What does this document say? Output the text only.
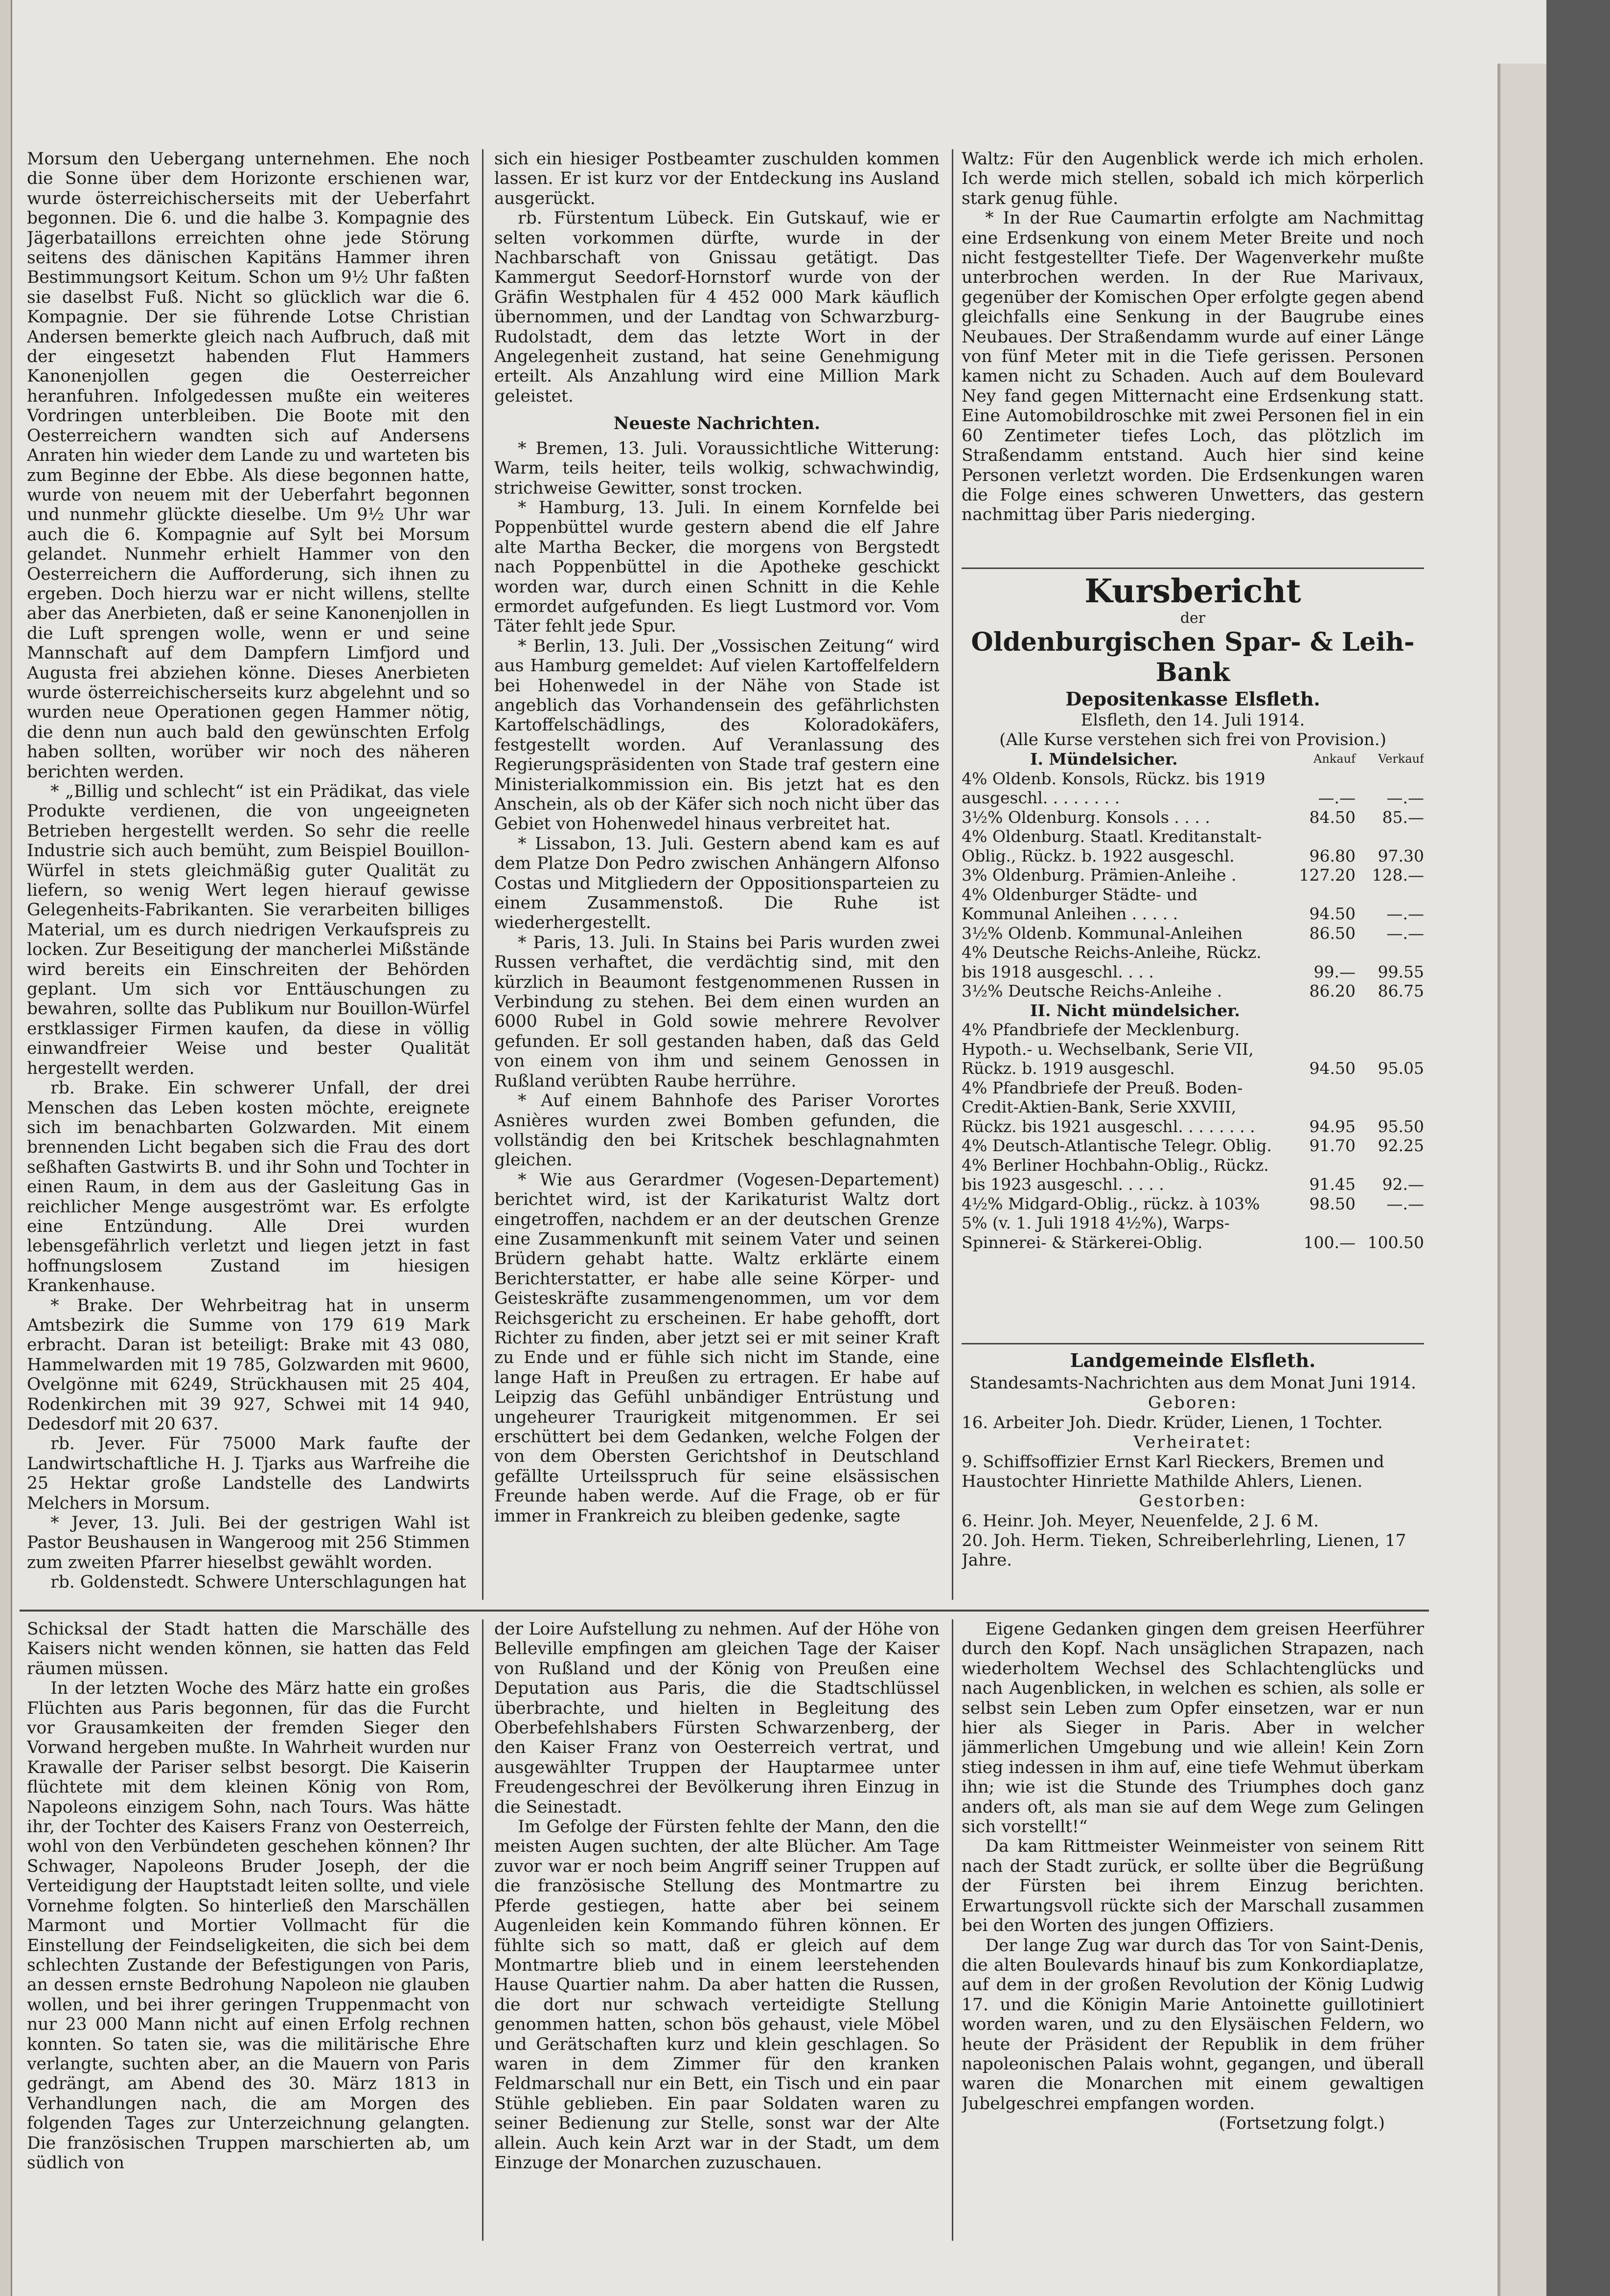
Morsum den Uebergang unternehmen. Ehe noch die Sonne über dem Horizonte erschienen war, wurde österreichischerseits mit der Ueberfahrt begonnen. Die 6. und die halbe 3. Kompagnie des Jägerbataillons erreichten ohne jede Störung seitens des dänischen Kapitäns Hammer ihren Bestimmungsort Keitum. Schon um 9½ Uhr faßten sie daselbst Fuß. Nicht so glücklich war die 6. Kompagnie. Der sie führende Lotse Christian Andersen bemerkte gleich nach Aufbruch, daß mit der eingesetzt habenden Flut Hammers Kanonenjollen gegen die Oesterreicher heranfuhren. Infolgedessen mußte ein weiteres Vordringen unterbleiben. Die Boote mit den Oesterreichern wandten sich auf Andersens Anraten hin wieder dem Lande zu und warteten bis zum Beginne der Ebbe. Als diese begonnen hatte, wurde von neuem mit der Ueberfahrt begonnen und nunmehr glückte dieselbe. Um 9½ Uhr war auch die 6. Kompagnie auf Sylt bei Morsum gelandet. Nunmehr erhielt Hammer von den Oesterreichern die Aufforderung, sich ihnen zu ergeben. Doch hierzu war er nicht willens, stellte aber das Anerbieten, daß er seine Kanonenjollen in die Luft sprengen wolle, wenn er und seine Mannschaft auf dem Dampfern Limfjord und Augusta frei abziehen könne. Dieses Anerbieten wurde österreichischerseits kurz abgelehnt und so wurden neue Operationen gegen Hammer nötig, die denn nun auch bald den gewünschten Erfolg haben sollten, worüber wir noch des näheren berichten werden.

* „Billig und schlecht“ ist ein Prädikat, das viele Produkte verdienen, die von ungeeigneten Betrieben hergestellt werden. So sehr die reelle Industrie sich auch bemüht, zum Beispiel Bouillon-Würfel in stets gleichmäßig guter Qualität zu liefern, so wenig Wert legen hierauf gewisse Gelegenheits-Fabrikanten. Sie verarbeiten billiges Material, um es durch niedrigen Verkaufspreis zu locken. Zur Beseitigung der mancherlei Mißstände wird bereits ein Einschreiten der Behörden geplant. Um sich vor Enttäuschungen zu bewahren, sollte das Publikum nur Bouillon-Würfel erstklassiger Firmen kaufen, da diese in völlig einwandfreier Weise und bester Qualität hergestellt werden.

rb. Brake. Ein schwerer Unfall, der drei Menschen das Leben kosten möchte, ereignete sich im benachbarten Golzwarden. Mit einem brennenden Licht begaben sich die Frau des dort seßhaften Gastwirts B. und ihr Sohn und Tochter in einen Raum, in dem aus der Gasleitung Gas in reichlicher Menge ausgeströmt war. Es erfolgte eine Entzündung. Alle Drei wurden lebensgefährlich verletzt und liegen jetzt in fast hoffnungslosem Zustand im hiesigen Krankenhause.

* Brake. Der Wehrbeitrag hat in unserm Amtsbezirk die Summe von 179 619 Mark erbracht. Daran ist beteiligt: Brake mit 43 080, Hammelwarden mit 19 785, Golzwarden mit 9600, Ovelgönne mit 6249, Strückhausen mit 25 404, Rodenkirchen mit 39 927, Schwei mit 14 940, Dedesdorf mit 20 637.

rb. Jever. Für 75000 Mark faufte der Landwirtschaftliche H. J. Tjarks aus Warfreihe die 25 Hektar große Landstelle des Landwirts Melchers in Morsum.

* Jever, 13. Juli. Bei der gestrigen Wahl ist Pastor Beushausen in Wangeroog mit 256 Stimmen zum zweiten Pfarrer hieselbst gewählt worden.

rb. Goldenstedt. Schwere Unterschlagungen hat

sich ein hiesiger Postbeamter zuschulden kommen lassen. Er ist kurz vor der Entdeckung ins Ausland ausgerückt.

rb. Fürstentum Lübeck. Ein Gutskauf, wie er selten vorkommen dürfte, wurde in der Nachbarschaft von Gnissau getätigt. Das Kammergut Seedorf-Hornstorf wurde von der Gräfin Westphalen für 4 452 000 Mark käuflich übernommen, und der Landtag von Schwarzburg-Rudolstadt, dem das letzte Wort in der Angelegenheit zustand, hat seine Genehmigung erteilt. Als Anzahlung wird eine Million Mark geleistet.

Neueste Nachrichten.

* Bremen, 13. Juli. Voraussichtliche Witterung: Warm, teils heiter, teils wolkig, schwachwindig, strichweise Gewitter, sonst trocken.

* Hamburg, 13. Juli. In einem Kornfelde bei Poppenbüttel wurde gestern abend die elf Jahre alte Martha Becker, die morgens von Bergstedt nach Poppenbüttel in die Apotheke geschickt worden war, durch einen Schnitt in die Kehle ermordet aufgefunden. Es liegt Lustmord vor. Vom Täter fehlt jede Spur.

* Berlin, 13. Juli. Der „Vossischen Zeitung“ wird aus Hamburg gemeldet: Auf vielen Kartoffelfeldern bei Hohenwedel in der Nähe von Stade ist angeblich das Vorhandensein des gefährlichsten Kartoffelschädlings, des Koloradokäfers, festgestellt worden. Auf Veranlassung des Regierungspräsidenten von Stade traf gestern eine Ministerialkommission ein. Bis jetzt hat es den Anschein, als ob der Käfer sich noch nicht über das Gebiet von Hohenwedel hinaus verbreitet hat.

* Lissabon, 13. Juli. Gestern abend kam es auf dem Platze Don Pedro zwischen Anhängern Alfonso Costas und Mitgliedern der Oppositionsparteien zu einem Zusammenstoß. Die Ruhe ist wiederhergestellt.

* Paris, 13. Juli. In Stains bei Paris wurden zwei Russen verhaftet, die verdächtig sind, mit den kürzlich in Beaumont festgenommenen Russen in Verbindung zu stehen. Bei dem einen wurden an 6000 Rubel in Gold sowie mehrere Revolver gefunden. Er soll gestanden haben, daß das Geld von einem von ihm und seinem Genossen in Rußland verübten Raube herrühre.

* Auf einem Bahnhofe des Pariser Vorortes Asnières wurden zwei Bomben gefunden, die vollständig den bei Kritschek beschlagnahmten gleichen.

* Wie aus Gerardmer (Vogesen-Departement) berichtet wird, ist der Karikaturist Waltz dort eingetroffen, nachdem er an der deutschen Grenze eine Zusammenkunft mit seinem Vater und seinen Brüdern gehabt hatte. Waltz erklärte einem Berichterstatter, er habe alle seine Körper- und Geisteskräfte zusammengenommen, um vor dem Reichsgericht zu erscheinen. Er habe gehofft, dort Richter zu finden, aber jetzt sei er mit seiner Kraft zu Ende und er fühle sich nicht im Stande, eine lange Haft in Preußen zu ertragen. Er habe auf Leipzig das Gefühl unbändiger Entrüstung und ungeheurer Traurigkeit mitgenommen. Er sei erschüttert bei dem Gedanken, welche Folgen der von dem Obersten Gerichtshof in Deutschland gefällte Urteilsspruch für seine elsässischen Freunde haben werde. Auf die Frage, ob er für immer in Frankreich zu bleiben gedenke, sagte

Waltz: Für den Augenblick werde ich mich erholen. Ich werde mich stellen, sobald ich mich körperlich stark genug fühle.

* In der Rue Caumartin erfolgte am Nachmittag eine Erdsenkung von einem Meter Breite und noch nicht festgestellter Tiefe. Der Wagenverkehr mußte unterbrochen werden. In der Rue Marivaux, gegenüber der Komischen Oper erfolgte gegen abend gleichfalls eine Senkung in der Baugrube eines Neubaues. Der Straßendamm wurde auf einer Länge von fünf Meter mit in die Tiefe gerissen. Personen kamen nicht zu Schaden. Auch auf dem Boulevard Ney fand gegen Mitternacht eine Erdsenkung statt. Eine Automobildroschke mit zwei Personen fiel in ein 60 Zentimeter tiefes Loch, das plötzlich im Straßendamm entstand. Auch hier sind keine Personen verletzt worden. Die Erdsenkungen waren die Folge eines schweren Unwetters, das gestern nachmittag über Paris niederging.

Kursbericht
der
Oldenburgischen Spar- & Leih-Bank
Depositenkasse Elsfleth.
Elsfleth, den 14. Juli 1914.
(Alle Kurse verstehen sich frei von Provision.)
I. Mündelsicher.	Ankauf	Verkauf
4% Oldenb. Konsols, Rückz. bis 1919 ausgeschl. . . . . . . .	—.—	—.—
3½% Oldenburg. Konsols . . . .	84.50	85.—
4% Oldenburg. Staatl. Kreditanstalt-Oblig., Rückz. b. 1922 ausgeschl.	96.80	97.30
3% Oldenburg. Prämien-Anleihe .	127.20	128.—
4% Oldenburger Städte- und Kommunal Anleihen . . . . .	94.50	—.—
3½% Oldenb. Kommunal-Anleihen	86.50	—.—
4% Deutsche Reichs-Anleihe, Rückz. bis 1918 ausgeschl. . . .	99.—	99.55
3½% Deutsche Reichs-Anleihe .	86.20	86.75
II. Nicht mündelsicher.		
4% Pfandbriefe der Mecklenburg. Hypoth.- u. Wechselbank, Serie VII, Rückz. b. 1919 ausgeschl.	94.50	95.05
4% Pfandbriefe der Preuß. Boden-Credit-Aktien-Bank, Serie XXVIII, Rückz. bis 1921 ausgeschl. . . . . . . .	94.95	95.50
4% Deutsch-Atlantische Telegr. Oblig.	91.70	92.25
4% Berliner Hochbahn-Oblig., Rückz. bis 1923 ausgeschl. . . . .	91.45	92.—
4½% Midgard-Oblig., rückz. à 103%	98.50	—.—
5% (v. 1. Juli 1918 4½%), Warps-Spinnerei- & Stärkerei-Oblig.	100.—	100.50
Landgemeinde Elsfleth.
Standesamts-Nachrichten aus dem Monat Juni 1914.
Geboren:
16. Arbeiter Joh. Diedr. Krüder, Lienen, 1 Tochter.
Verheiratet:
9. Schiffsoffizier Ernst Karl Rieckers, Bremen und Haustochter Hinriette Mathilde Ahlers, Lienen.
Gestorben:
6. Heinr. Joh. Meyer, Neuenfelde, 2 J. 6 M.
20. Joh. Herm. Tieken, Schreiberlehrling, Lienen, 17 Jahre.

Schicksal der Stadt hatten die Marschälle des Kaisers nicht wenden können, sie hatten das Feld räumen müssen.

In der letzten Woche des März hatte ein großes Flüchten aus Paris begonnen, für das die Furcht vor Grausamkeiten der fremden Sieger den Vorwand hergeben mußte. In Wahrheit wurden nur Krawalle der Pariser selbst besorgt. Die Kaiserin flüchtete mit dem kleinen König von Rom, Napoleons einzigem Sohn, nach Tours. Was hätte ihr, der Tochter des Kaisers Franz von Oesterreich, wohl von den Verbündeten geschehen können? Ihr Schwager, Napoleons Bruder Joseph, der die Verteidigung der Hauptstadt leiten sollte, und viele Vornehme folgten. So hinterließ den Marschällen Marmont und Mortier Vollmacht für die Einstellung der Feindseligkeiten, die sich bei dem schlechten Zustande der Befestigungen von Paris, an dessen ernste Bedrohung Napoleon nie glauben wollen, und bei ihrer geringen Truppenmacht von nur 23 000 Mann nicht auf einen Erfolg rechnen konnten. So taten sie, was die militärische Ehre verlangte, suchten aber, an die Mauern von Paris gedrängt, am Abend des 30. März 1813 in Verhandlungen nach, die am Morgen des folgenden Tages zur Unterzeichnung gelangten. Die französischen Truppen marschierten ab, um südlich von

der Loire Aufstellung zu nehmen. Auf der Höhe von Belleville empfingen am gleichen Tage der Kaiser von Rußland und der König von Preußen eine Deputation aus Paris, die die Stadtschlüssel überbrachte, und hielten in Begleitung des Oberbefehlshabers Fürsten Schwarzenberg, der den Kaiser Franz von Oesterreich vertrat, und ausgewählter Truppen der Hauptarmee unter Freudengeschrei der Bevölkerung ihren Einzug in die Seinestadt.

Im Gefolge der Fürsten fehlte der Mann, den die meisten Augen suchten, der alte Blücher. Am Tage zuvor war er noch beim Angriff seiner Truppen auf die französische Stellung des Montmartre zu Pferde gestiegen, hatte aber bei seinem Augenleiden kein Kommando führen können. Er fühlte sich so matt, daß er gleich auf dem Montmartre blieb und in einem leerstehenden Hause Quartier nahm. Da aber hatten die Russen, die dort nur schwach verteidigte Stellung genommen hatten, schon bös gehaust, viele Möbel und Gerätschaften kurz und klein geschlagen. So waren in dem Zimmer für den kranken Feldmarschall nur ein Bett, ein Tisch und ein paar Stühle geblieben. Ein paar Soldaten waren zu seiner Bedienung zur Stelle, sonst war der Alte allein. Auch kein Arzt war in der Stadt, um dem Einzuge der Monarchen zuzuschauen.

Eigene Gedanken gingen dem greisen Heerführer durch den Kopf. Nach unsäglichen Strapazen, nach wiederholtem Wechsel des Schlachtenglücks und nach Augenblicken, in welchen es schien, als solle er selbst sein Leben zum Opfer einsetzen, war er nun hier als Sieger in Paris. Aber in welcher jämmerlichen Umgebung und wie allein! Kein Zorn stieg indessen in ihm auf, eine tiefe Wehmut überkam ihn; wie ist die Stunde des Triumphes doch ganz anders oft, als man sie auf dem Wege zum Gelingen sich vorstellt!“

Da kam Rittmeister Weinmeister von seinem Ritt nach der Stadt zurück, er sollte über die Begrüßung der Fürsten bei ihrem Einzug berichten. Erwartungsvoll rückte sich der Marschall zusammen bei den Worten des jungen Offiziers.

Der lange Zug war durch das Tor von Saint-Denis, die alten Boulevards hinauf bis zum Konkordiaplatze, auf dem in der großen Revolution der König Ludwig 17. und die Königin Marie Antoinette guillotiniert worden waren, und zu den Elysäischen Feldern, wo heute der Präsident der Republik in dem früher napoleonischen Palais wohnt, gegangen, und überall waren die Monarchen mit einem gewaltigen Jubelgeschrei empfangen worden.

(Fortsetzung folgt.)
